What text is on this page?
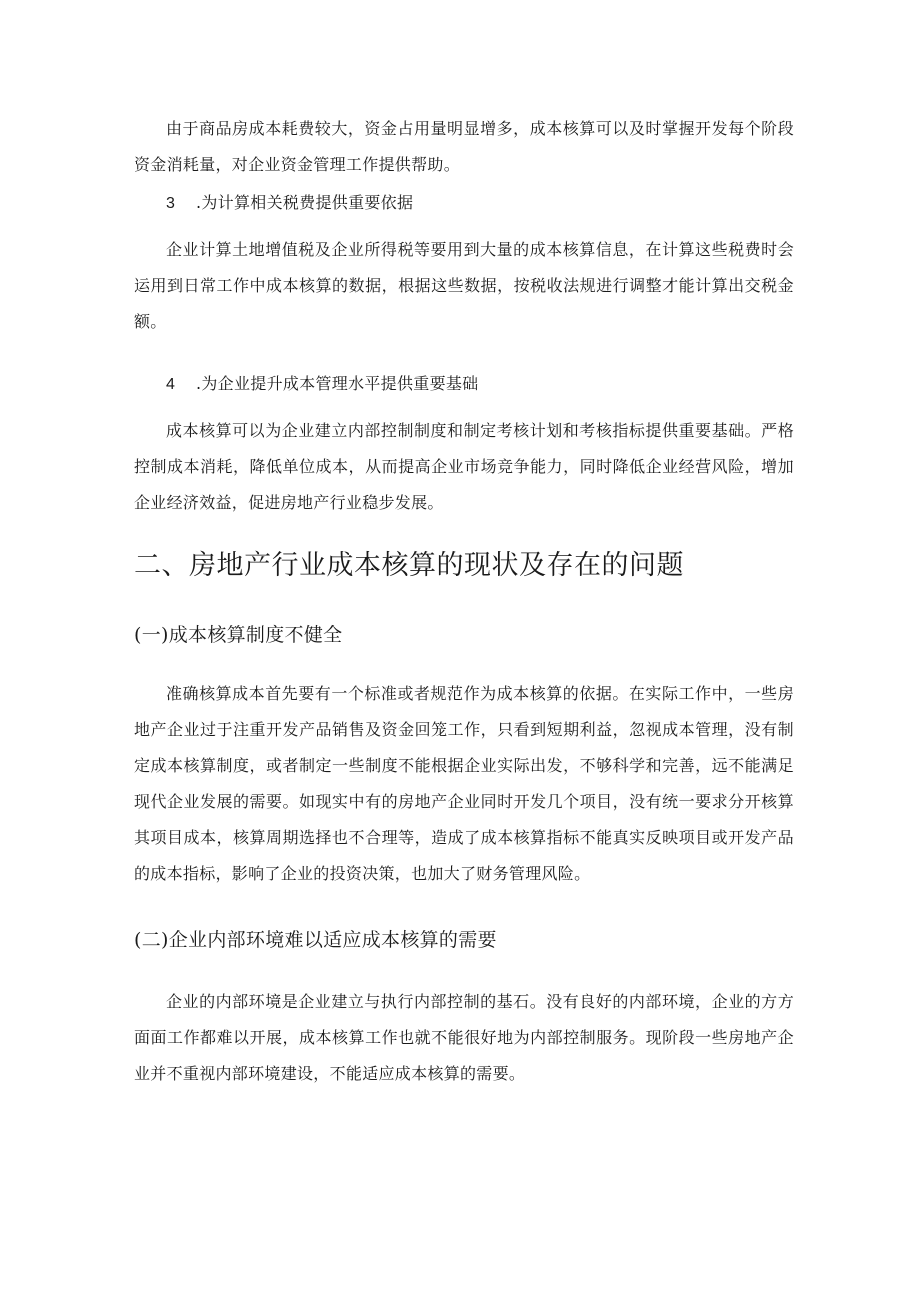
由于商品房成本耗费较大，资金占用量明显增多，成本核算可以及时掌握开发每个阶段资金消耗量，对企业资金管理工作提供帮助。

3 .为计算相关税费提供重要依据

企业计算土地增值税及企业所得税等要用到大量的成本核算信息，在计算这些税费时会运用到日常工作中成本核算的数据，根据这些数据，按税收法规进行调整才能计算出交税金额。

4 .为企业提升成本管理水平提供重要基础

成本核算可以为企业建立内部控制制度和制定考核计划和考核指标提供重要基础。严格控制成本消耗，降低单位成本，从而提高企业市场竞争能力，同时降低企业经营风险，增加企业经济效益，促进房地产行业稳步发展。

二、房地产行业成本核算的现状及存在的问题
(一)成本核算制度不健全

准确核算成本首先要有一个标准或者规范作为成本核算的依据。在实际工作中，一些房地产企业过于注重开发产品销售及资金回笼工作，只看到短期利益，忽视成本管理，没有制定成本核算制度，或者制定一些制度不能根据企业实际出发，不够科学和完善，远不能满足现代企业发展的需要。如现实中有的房地产企业同时开发几个项目，没有统一要求分开核算其项目成本，核算周期选择也不合理等，造成了成本核算指标不能真实反映项目或开发产品的成本指标，影响了企业的投资决策，也加大了财务管理风险。

(二)企业内部环境难以适应成本核算的需要

企业的内部环境是企业建立与执行内部控制的基石。没有良好的内部环境，企业的方方面面工作都难以开展，成本核算工作也就不能很好地为内部控制服务。现阶段一些房地产企业并不重视内部环境建设，不能适应成本核算的需要。
